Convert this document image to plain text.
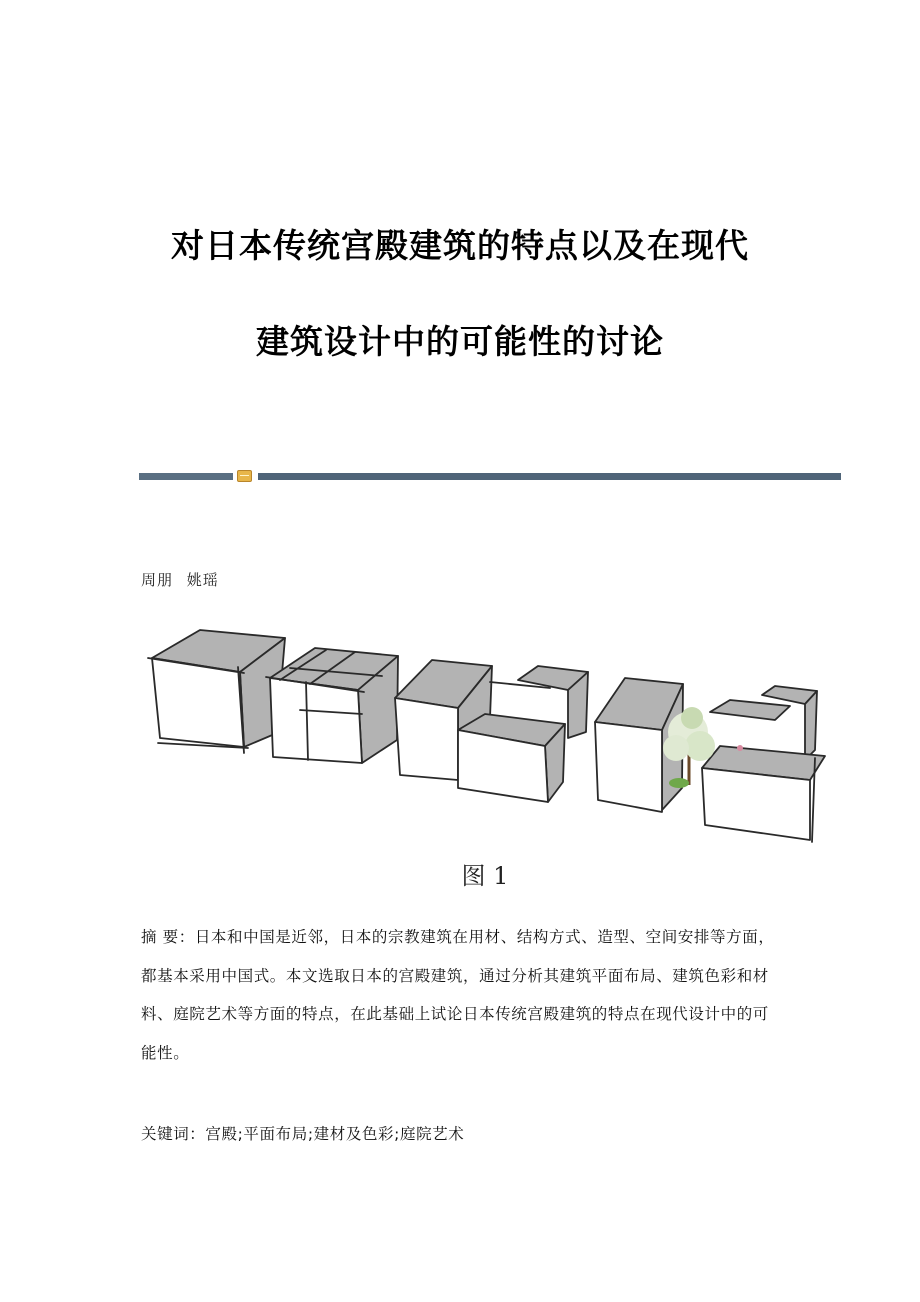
对日本传统宫殿建筑的特点以及在现代
建筑设计中的可能性的讨论
周朋 姚瑶
图 1
摘 要：日本和中国是近邻，日本的宗教建筑在用材、结构方式、造型、空间安排等方面，都基本采用中国式。本文选取日本的宫殿建筑，通过分析其建筑平面布局、建筑色彩和材料、庭院艺术等方面的特点，在此基础上试论日本传统宫殿建筑的特点在现代设计中的可能性。
关键词：宫殿;平面布局;建材及色彩;庭院艺术
